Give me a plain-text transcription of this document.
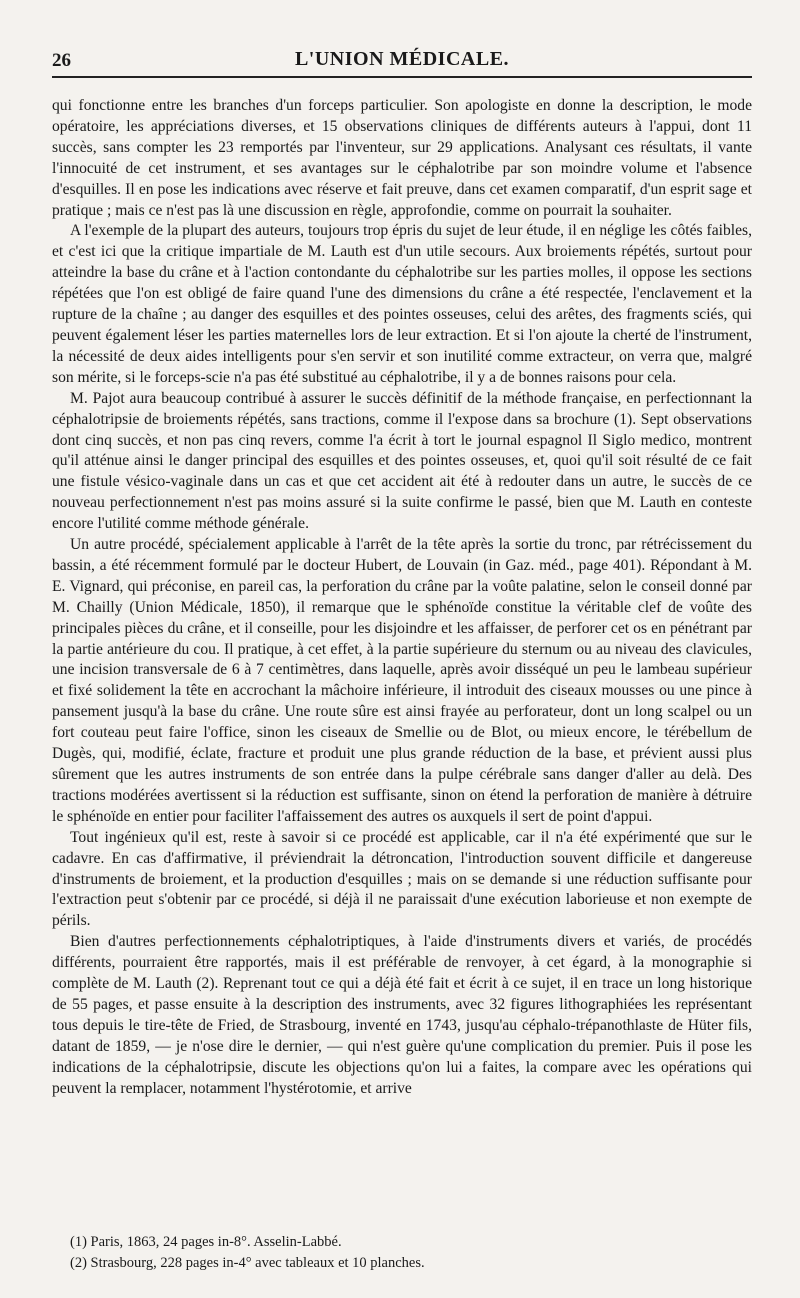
26	L'UNION MÉDICALE.

qui fonctionne entre les branches d'un forceps particulier. Son apologiste en donne la description, le mode opératoire, les appréciations diverses, et 15 observations cliniques de différents auteurs à l'appui, dont 11 succès, sans compter les 23 remportés par l'inventeur, sur 29 applications. Analysant ces résultats, il vante l'innocuité de cet instrument, et ses avantages sur le céphalotribe par son moindre volume et l'absence d'esquilles. Il en pose les indications avec réserve et fait preuve, dans cet examen comparatif, d'un esprit sage et pratique ; mais ce n'est pas là une discussion en règle, approfondie, comme on pourrait la souhaiter.

A l'exemple de la plupart des auteurs, toujours trop épris du sujet de leur étude, il en néglige les côtés faibles, et c'est ici que la critique impartiale de M. Lauth est d'un utile secours. Aux broiements répétés, surtout pour atteindre la base du crâne et à l'action contondante du céphalotribe sur les parties molles, il oppose les sections répétées que l'on est obligé de faire quand l'une des dimensions du crâne a été respectée, l'enclavement et la rupture de la chaîne ; au danger des esquilles et des pointes osseuses, celui des arêtes, des fragments sciés, qui peuvent également léser les parties maternelles lors de leur extraction. Et si l'on ajoute la cherté de l'instrument, la nécessité de deux aides intelligents pour s'en servir et son inutilité comme extracteur, on verra que, malgré son mérite, si le forceps-scie n'a pas été substitué au céphalotribe, il y a de bonnes raisons pour cela.

M. Pajot aura beaucoup contribué à assurer le succès définitif de la méthode française, en perfectionnant la céphalotripsie de broiements répétés, sans tractions, comme il l'expose dans sa brochure (1). Sept observations dont cinq succès, et non pas cinq revers, comme l'a écrit à tort le journal espagnol Il Siglo medico, montrent qu'il atténue ainsi le danger principal des esquilles et des pointes osseuses, et, quoi qu'il soit résulté de ce fait une fistule vésico-vaginale dans un cas et que cet accident ait été à redouter dans un autre, le succès de ce nouveau perfectionnement n'est pas moins assuré si la suite confirme le passé, bien que M. Lauth en conteste encore l'utilité comme méthode générale.

Un autre procédé, spécialement applicable à l'arrêt de la tête après la sortie du tronc, par rétrécissement du bassin, a été récemment formulé par le docteur Hubert, de Louvain (in Gaz. méd., page 401). Répondant à M. E. Vignard, qui préconise, en pareil cas, la perforation du crâne par la voûte palatine, selon le conseil donné par M. Chailly (Union Médicale, 1850), il remarque que le sphénoïde constitue la véritable clef de voûte des principales pièces du crâne, et il conseille, pour les disjoindre et les affaisser, de perforer cet os en pénétrant par la partie antérieure du cou. Il pratique, à cet effet, à la partie supérieure du sternum ou au niveau des clavicules, une incision transversale de 6 à 7 centimètres, dans laquelle, après avoir disséqué un peu le lambeau supérieur et fixé solidement la tête en accrochant la mâchoire inférieure, il introduit des ciseaux mousses ou une pince à pansement jusqu'à la base du crâne. Une route sûre est ainsi frayée au perforateur, dont un long scalpel ou un fort couteau peut faire l'office, sinon les ciseaux de Smellie ou de Blot, ou mieux encore, le térébellum de Dugès, qui, modifié, éclate, fracture et produit une plus grande réduction de la base, et prévient aussi plus sûrement que les autres instruments de son entrée dans la pulpe cérébrale sans danger d'aller au delà. Des tractions modérées avertissent si la réduction est suffisante, sinon on étend la perforation de manière à détruire le sphénoïde en entier pour faciliter l'affaissement des autres os auxquels il sert de point d'appui.

Tout ingénieux qu'il est, reste à savoir si ce procédé est applicable, car il n'a été expérimenté que sur le cadavre. En cas d'affirmative, il préviendrait la détroncation, l'introduction souvent difficile et dangereuse d'instruments de broiement, et la production d'esquilles ; mais on se demande si une réduction suffisante pour l'extraction peut s'obtenir par ce procédé, si déjà il ne paraissait d'une exécution laborieuse et non exempte de périls.

Bien d'autres perfectionnements céphalotriptiques, à l'aide d'instruments divers et variés, de procédés différents, pourraient être rapportés, mais il est préférable de renvoyer, à cet égard, à la monographie si complète de M. Lauth (2). Reprenant tout ce qui a déjà été fait et écrit à ce sujet, il en trace un long historique de 55 pages, et passe ensuite à la description des instruments, avec 32 figures lithographiées les représentant tous depuis le tire-tête de Fried, de Strasbourg, inventé en 1743, jusqu'au céphalo-trépanothlaste de Hüter fils, datant de 1859, — je n'ose dire le dernier, — qui n'est guère qu'une complication du premier. Puis il pose les indications de la céphalotripsie, discute les objections qu'on lui a faites, la compare avec les opérations qui peuvent la remplacer, notamment l'hystérotomie, et arrive

(1) Paris, 1863, 24 pages in-8°. Asselin-Labbé.
(2) Strasbourg, 228 pages in-4° avec tableaux et 10 planches.
